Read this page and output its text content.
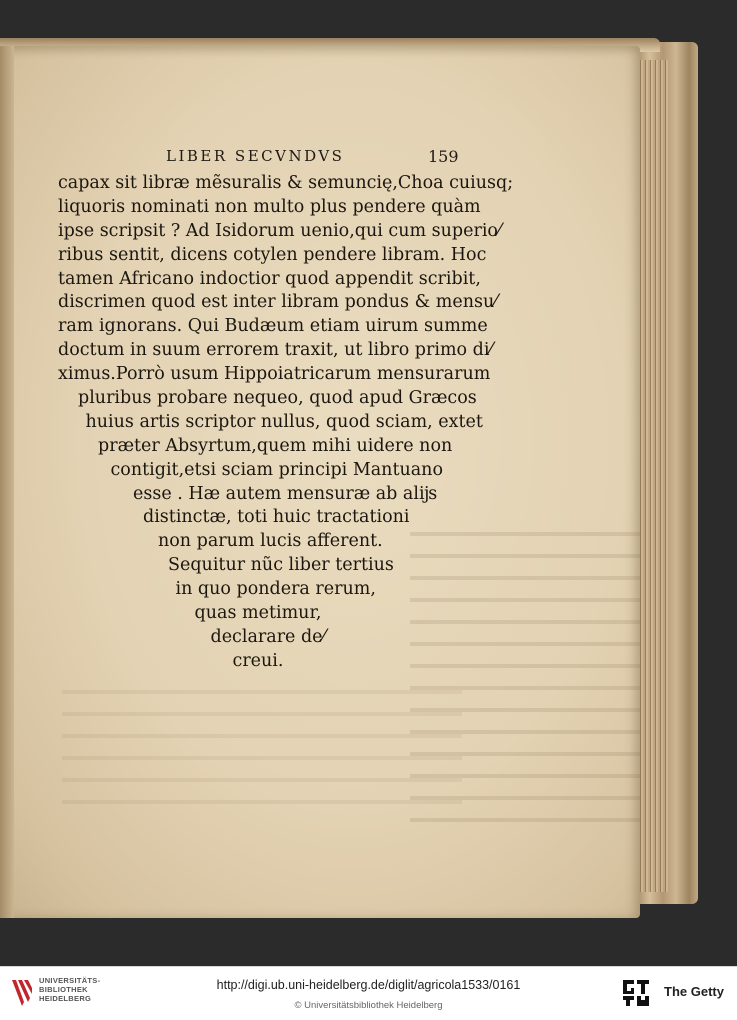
LIBER SECVNDVS	159
capax sit libræ mẽsuralis & semuncię,Choa cuiusq;
liquoris nominati non multo plus pendere quàm
ipse scripsit ? Ad Isidorum uenio,qui cum superio⁄
ribus sentit, dicens cotylen pendere libram. Hoc
tamen Africano indoctior quod appendit scribit,
discrimen quod est inter libram pondus & mensu⁄
ram ignorans. Qui Budæum etiam uirum summe
doctum in suum errorem traxit, ut libro primo di⁄
ximus.Porrò usum Hippoiatricarum mensurarum
pluribus probare nequeo, quod apud Græcos
huius artis scriptor nullus, quod sciam, extet
præter Absyrtum,quem mihi uidere non
contigit,etsi sciam principi Mantuano
esse . Hæ autem mensuræ ab alĳs
distinctæ, toti huic tractationi
non parum lucis afferent.
Sequitur nũc liber tertius
in quo pondera rerum,
quas metimur,
declarare de⁄
creui.
UNIVERSITÄTS-
BIBLIOTHEK
HEIDELBERG
http://digi.ub.uni-heidelberg.de/diglit/agricola1533/0161
© Universitätsbibliothek Heidelberg
The Getty
